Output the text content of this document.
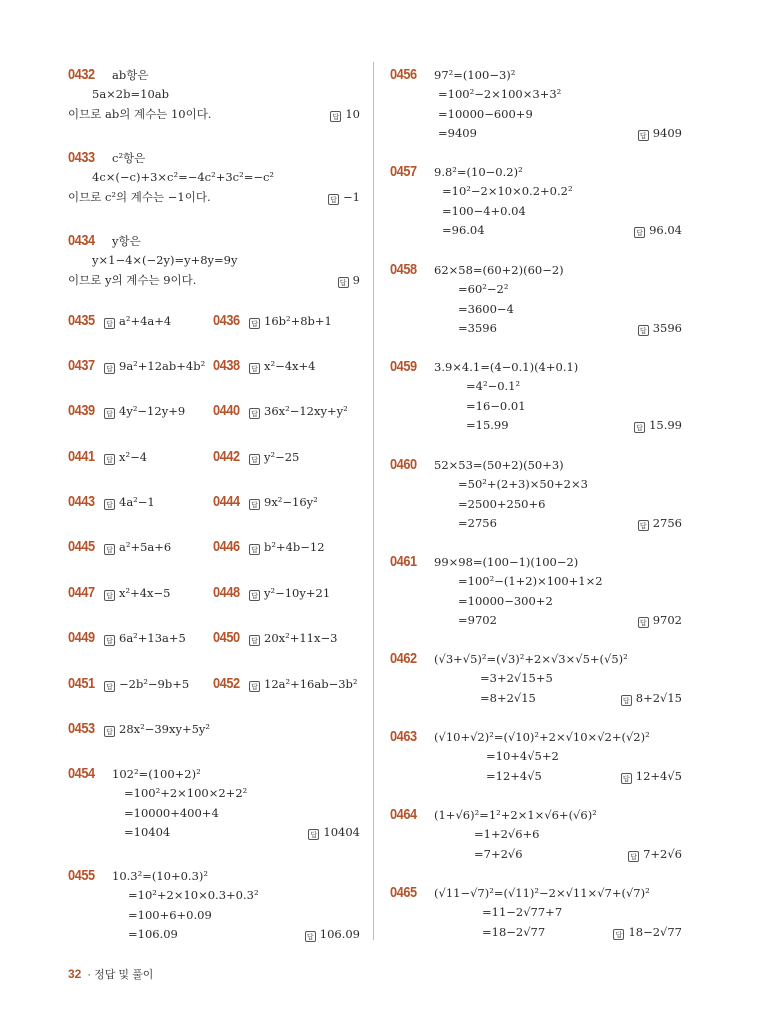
0432 ab항은
5a×2b=10ab
이므로 ab의 계수는 10이다.	답 10
0433 c²항은
4c×(−c)+3×c²=−4c²+3c²=−c²
이므로 c²의 계수는 −1이다.	답 −1
0434 y항은
y×1−4×(−2y)=y+8y=9y
이므로 y의 계수는 9이다.	답 9
0435 답 a²+4a+4	0436 답 16b²+8b+1
0437 답 9a²+12ab+4b² 0438 답 x²−4x+4
0439 답 4y²−12y+9 0440 답 36x²−12xy+y²
0441 답 x²−4	0442 답 y²−25
0443 답 4a²−1	0444 답 9x²−16y²
0445 답 a²+5a+6	0446 답 b²+4b−12
0447 답 x²+4x−5	0448 답 y²−10y+21
0449 답 6a²+13a+5 0450 답 20x²+11x−3
0451 답 −2b²−9b+5 0452 답 12a²+16ab−3b²
0453 답 28x²−39xy+5y²
0454 102²=(100+2)²
=100²+2×100×2+2²
=10000+400+4
=10404	답 10404
0455 10.3²=(10+0.3)²
=10²+2×10×0.3+0.3²
=100+6+0.09
=106.09	답 106.09
0456 97²=(100−3)²
=100²−2×100×3+3²
=10000−600+9
=9409	답 9409
0457 9.8²=(10−0.2)²
=10²−2×10×0.2+0.2²
=100−4+0.04
=96.04	답 96.04
0458 62×58=(60+2)(60−2)
=60²−2²
=3600−4
=3596	답 3596
0459 3.9×4.1=(4−0.1)(4+0.1)
=4²−0.1²
=16−0.01
=15.99	답 15.99
0460 52×53=(50+2)(50+3)
=50²+(2+3)×50+2×3
=2500+250+6
=2756	답 2756
0461 99×98=(100−1)(100−2)
=100²−(1+2)×100+1×2
=10000−300+2
=9702	답 9702
0462 (√3+√5)²=(√3)²+2×√3×√5+(√5)²
=3+2√15+5
=8+2√15	답 8+2√15
0463 (√10+√2)²=(√10)²+2×√10×√2+(√2)²
=10+4√5+2
=12+4√5	답 12+4√5
0464 (1+√6)²=1²+2×1×√6+(√6)²
=1+2√6+6
=7+2√6	답 7+2√6
0465 (√11−√7)²=(√11)²−2×√11×√7+(√7)²
=11−2√77+7
=18−2√77	답 18−2√77
32 · 정답 및 풀이
